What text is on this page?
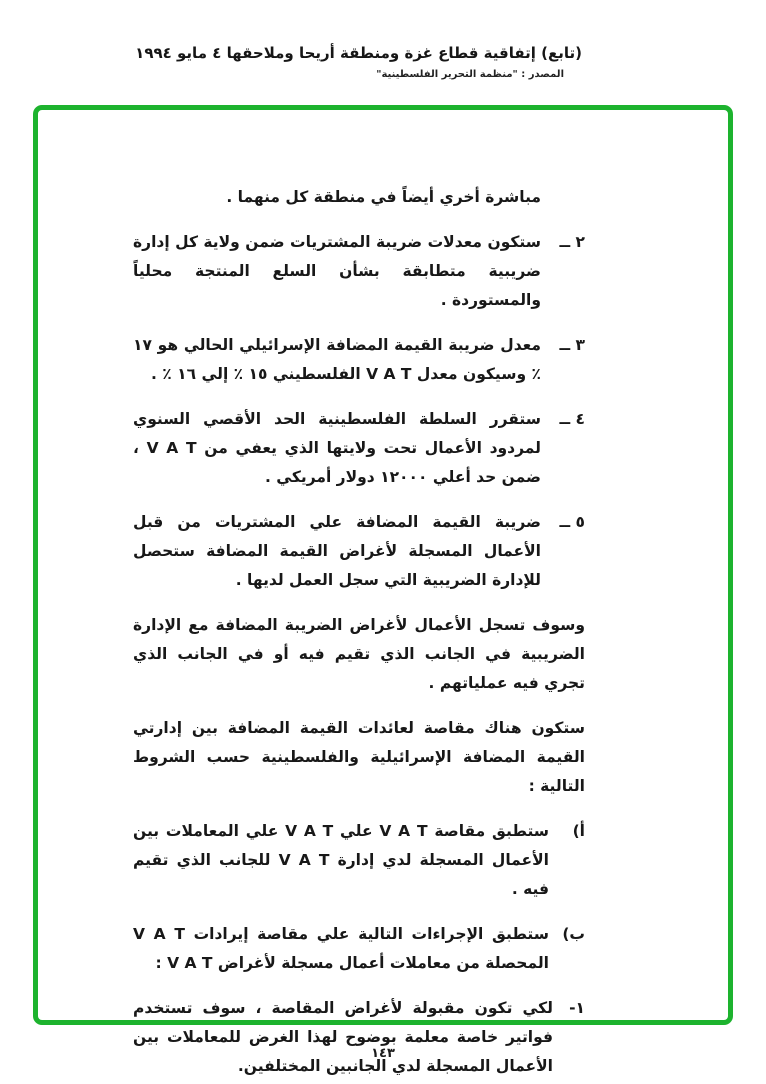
(تابع) إتفاقية قطاع غزة ومنطقة أريحا وملاحقها ٤ مايو ١٩٩٤
المصدر : "منظمة التحرير الفلسطينية"
مباشرة أخري أيضاً في منطقة كل منهما .
٢ ــ
ستكون معدلات ضريبة المشتريات ضمن ولاية كل إدارة ضريبية متطابقة بشأن السلع المنتجة محلياً والمستوردة .
٣ ــ
معدل ضريبة القيمة المضافة الإسرائيلي الحالي هو ١٧ ٪ وسيكون معدل V A T الفلسطيني ١٥ ٪ إلي ١٦ ٪ .
٤ ــ
ستقرر السلطة الفلسطينية الحد الأقصي السنوي لمردود الأعمال تحت ولايتها الذي يعفي من V A T ، ضمن حد أعلي ١٢٠٠٠ دولار أمريكي .
٥ ــ
ضريبة القيمة المضافة علي المشتريات من قبل الأعمال المسجلة لأغراض القيمة المضافة ستحصل للإدارة الضريبية التي سجل العمل لديها .
وسوف تسجل الأعمال لأغراض الضريبة المضافة مع الإدارة الضريبية في الجانب الذي تقيم فيه أو في الجانب الذي تجري فيه عملياتهم .
ستكون هناك مقاصة لعائدات القيمة المضافة بين إدارتي القيمة المضافة الإسرائيلية والفلسطينية حسب الشروط التالية :
أ)
ستطبق مقاصة V A T علي V A T علي المعاملات بين الأعمال المسجلة لدي إدارة V A T للجانب الذي تقيم فيه .
ب)
ستطبق الإجراءات التالية علي مقاصة إيرادات V A T المحصلة من معاملات أعمال مسجلة لأغراض V A T :
١-
لكي تكون مقبولة لأغراض المقاصة ، سوف تستخدم فواتير خاصة معلمة بوضوح لهذا الغرض للمعاملات بين الأعمال المسجلة لدي الجانبين المختلفين.
١٤٣
